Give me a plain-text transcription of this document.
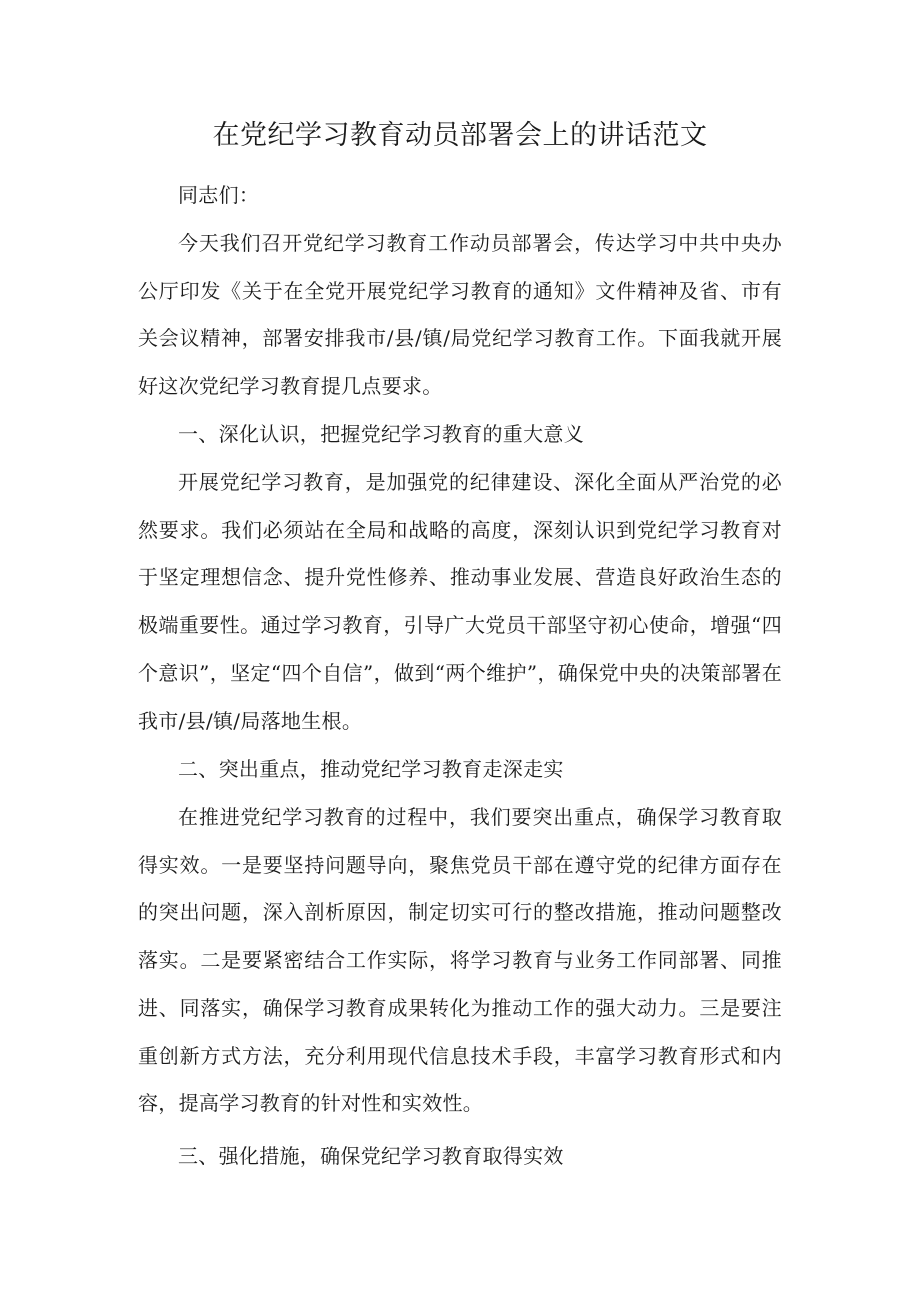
在党纪学习教育动员部署会上的讲话范文

同志们：

今天我们召开党纪学习教育工作动员部署会，传达学习中共中央办公厅印发《关于在全党开展党纪学习教育的通知》文件精神及省、市有关会议精神，部署安排我市/县/镇/局党纪学习教育工作。下面我就开展好这次党纪学习教育提几点要求。

一、深化认识，把握党纪学习教育的重大意义

开展党纪学习教育，是加强党的纪律建设、深化全面从严治党的必然要求。我们必须站在全局和战略的高度，深刻认识到党纪学习教育对于坚定理想信念、提升党性修养、推动事业发展、营造良好政治生态的极端重要性。通过学习教育，引导广大党员干部坚守初心使命，增强“四个意识”，坚定“四个自信”，做到“两个维护”，确保党中央的决策部署在我市/县/镇/局落地生根。

二、突出重点，推动党纪学习教育走深走实

在推进党纪学习教育的过程中，我们要突出重点，确保学习教育取得实效。一是要坚持问题导向，聚焦党员干部在遵守党的纪律方面存在的突出问题，深入剖析原因，制定切实可行的整改措施，推动问题整改落实。二是要紧密结合工作实际，将学习教育与业务工作同部署、同推进、同落实，确保学习教育成果转化为推动工作的强大动力。三是要注重创新方式方法，充分利用现代信息技术手段，丰富学习教育形式和内容，提高学习教育的针对性和实效性。

三、强化措施，确保党纪学习教育取得实效
